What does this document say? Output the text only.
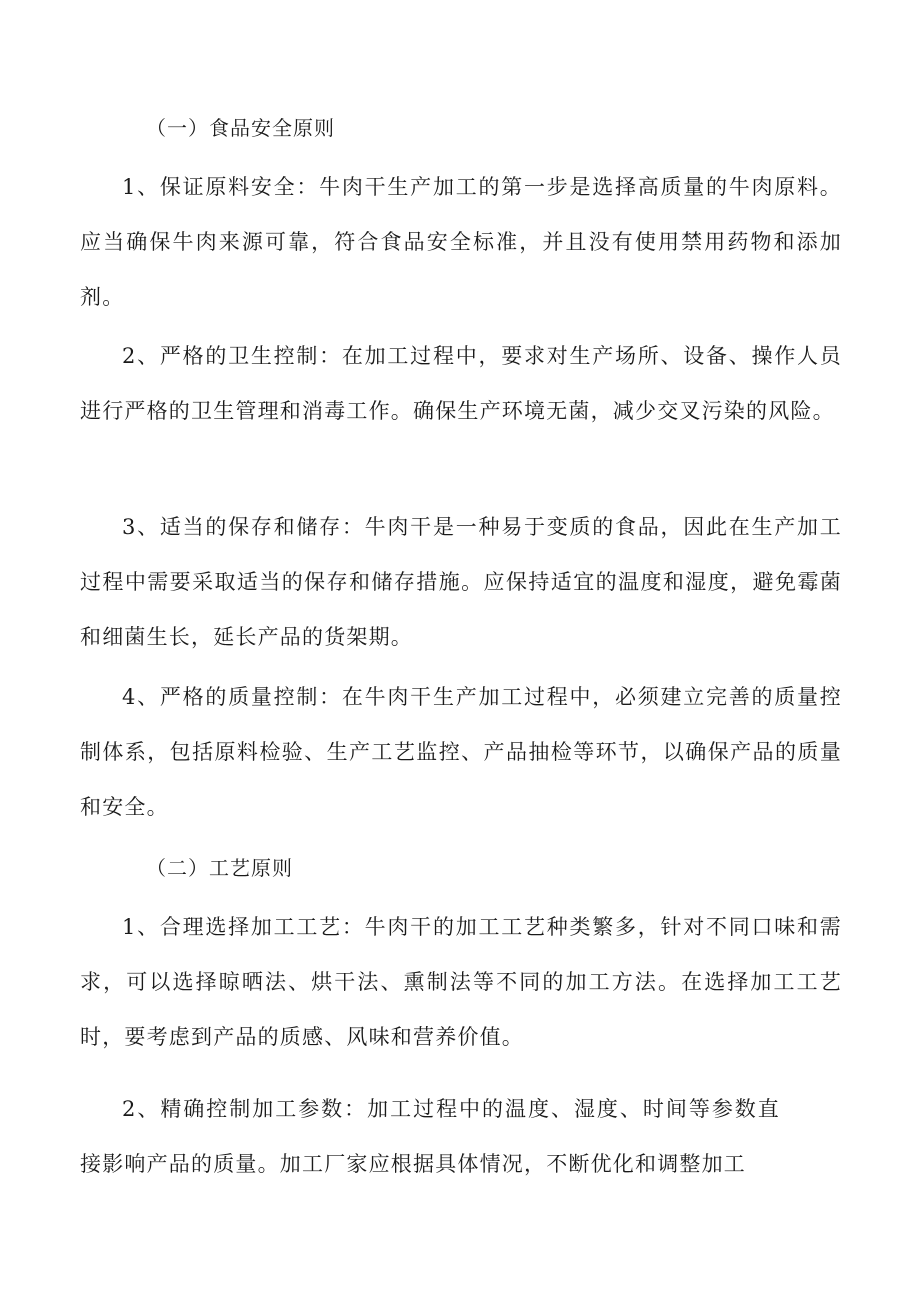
（一）食品安全原则
1、保证原料安全：牛肉干生产加工的第一步是选择高质量的牛肉原料。应当确保牛肉来源可靠，符合食品安全标准，并且没有使用禁用药物和添加剂。
2、严格的卫生控制：在加工过程中，要求对生产场所、设备、操作人员进行严格的卫生管理和消毒工作。确保生产环境无菌，减少交叉污染的风险。
3、适当的保存和储存：牛肉干是一种易于变质的食品，因此在生产加工过程中需要采取适当的保存和储存措施。应保持适宜的温度和湿度，避免霉菌和细菌生长，延长产品的货架期。
4、严格的质量控制：在牛肉干生产加工过程中，必须建立完善的质量控制体系，包括原料检验、生产工艺监控、产品抽检等环节，以确保产品的质量和安全。
（二）工艺原则
1、合理选择加工工艺：牛肉干的加工工艺种类繁多，针对不同口味和需求，可以选择晾晒法、烘干法、熏制法等不同的加工方法。在选择加工工艺时，要考虑到产品的质感、风味和营养价值。
2、精确控制加工参数：加工过程中的温度、湿度、时间等参数直接影响产品的质量。加工厂家应根据具体情况，不断优化和调整加工
